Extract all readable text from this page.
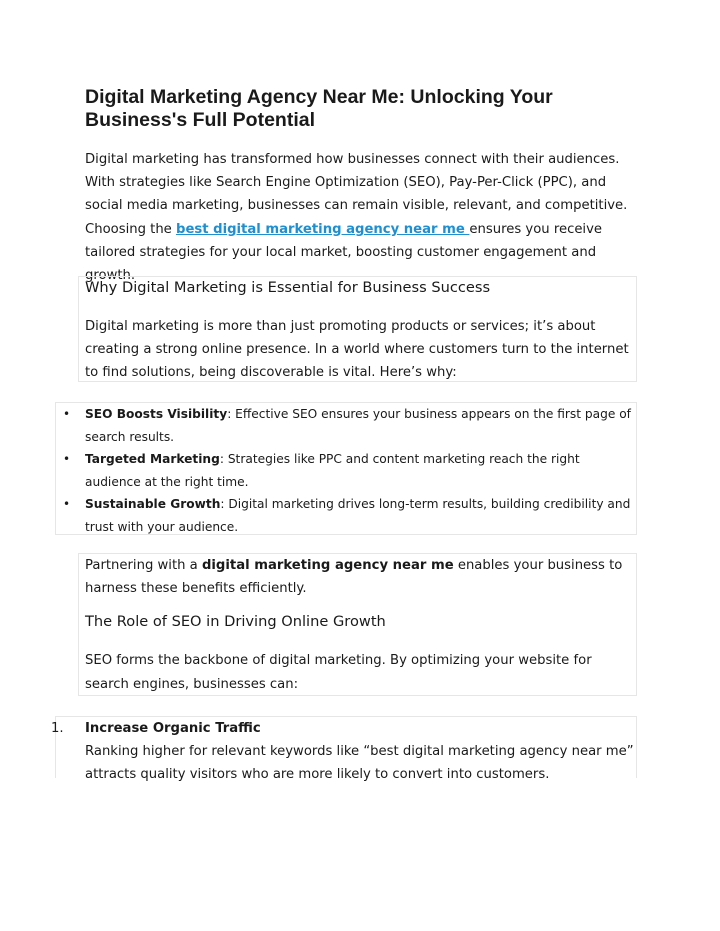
Digital Marketing Agency Near Me: Unlocking Your Business's Full Potential

Digital marketing has transformed how businesses connect with their audiences. With strategies like Search Engine Optimization (SEO), Pay-Per-Click (PPC), and social media marketing, businesses can remain visible, relevant, and competitive. Choosing the best digital marketing agency near me ensures you receive tailored strategies for your local market, boosting customer engagement and growth.

Why Digital Marketing is Essential for Business Success

Digital marketing is more than just promoting products or services; it’s about creating a strong online presence. In a world where customers turn to the internet to find solutions, being discoverable is vital. Here’s why:

• SEO Boosts Visibility: Effective SEO ensures your business appears on the first page of search results.
• Targeted Marketing: Strategies like PPC and content marketing reach the right audience at the right time.
• Sustainable Growth: Digital marketing drives long-term results, building credibility and trust with your audience.

Partnering with a digital marketing agency near me enables your business to harness these benefits efficiently.

The Role of SEO in Driving Online Growth

SEO forms the backbone of digital marketing. By optimizing your website for search engines, businesses can:

1. Increase Organic Traffic
Ranking higher for relevant keywords like “best digital marketing agency near me” attracts quality visitors who are more likely to convert into customers.
